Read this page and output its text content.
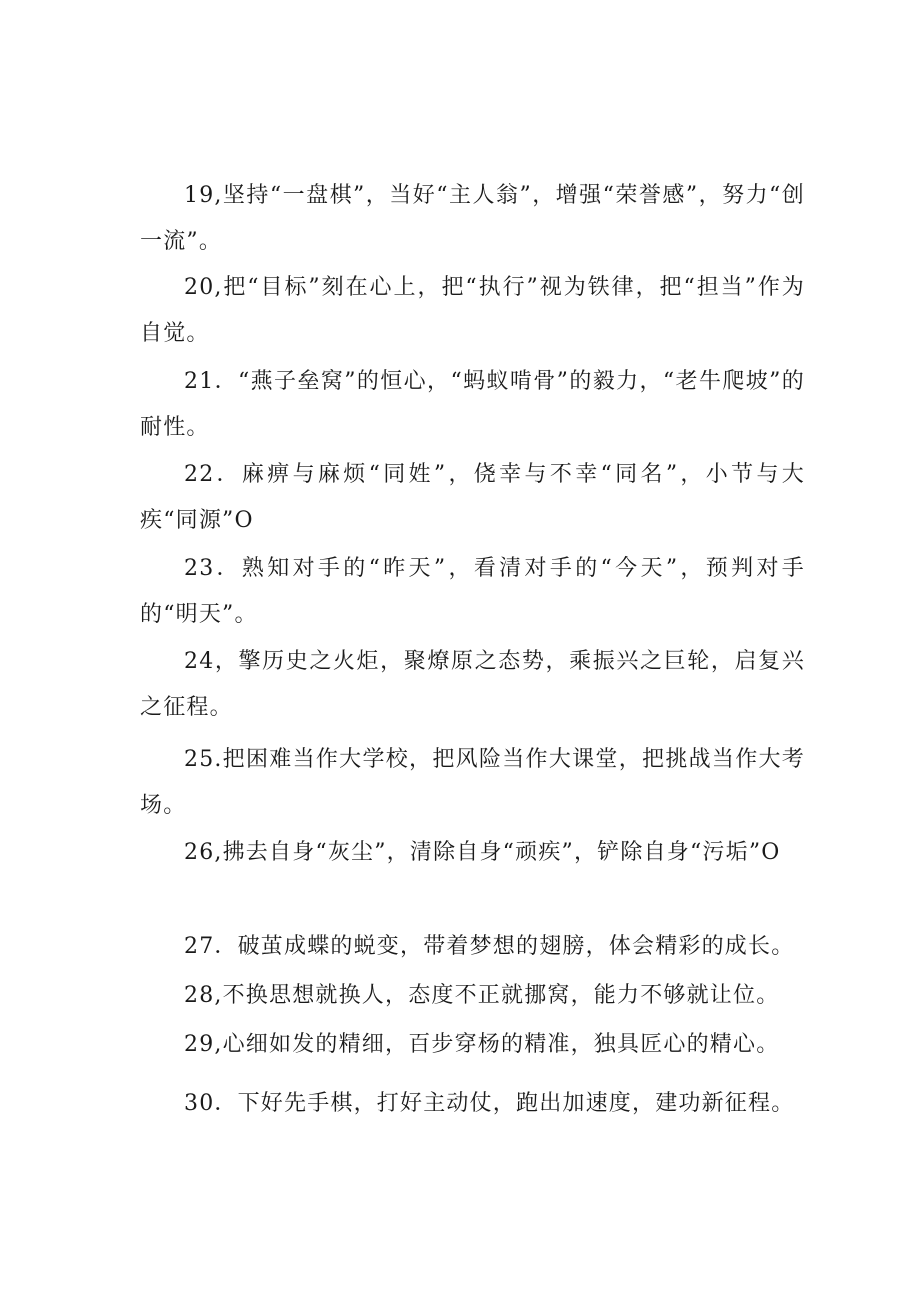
19,坚持“一盘棋”，当好“主人翁”，增强“荣誉感”，努力“创一流”。

20,把“目标”刻在心上，把“执行”视为铁律，把“担当”作为自觉。

21．“燕子垒窝”的恒心，“蚂蚁啃骨”的毅力，“老牛爬坡”的耐性。

22．麻痹与麻烦“同姓”，侥幸与不幸“同名”，小节与大疾“同源”O

23．熟知对手的“昨天”，看清对手的“今天”，预判对手的“明天”。

24，擎历史之火炬，聚燎原之态势，乘振兴之巨轮，启复兴之征程。

25.把困难当作大学校，把风险当作大课堂，把挑战当作大考场。

26,拂去自身“灰尘”，清除自身“顽疾”，铲除自身“污垢”O

27．破茧成蝶的蜕变，带着梦想的翅膀，体会精彩的成长。

28,不换思想就换人，态度不正就挪窝，能力不够就让位。

29,心细如发的精细，百步穿杨的精准，独具匠心的精心。

30．下好先手棋，打好主动仗，跑出加速度，建功新征程。
